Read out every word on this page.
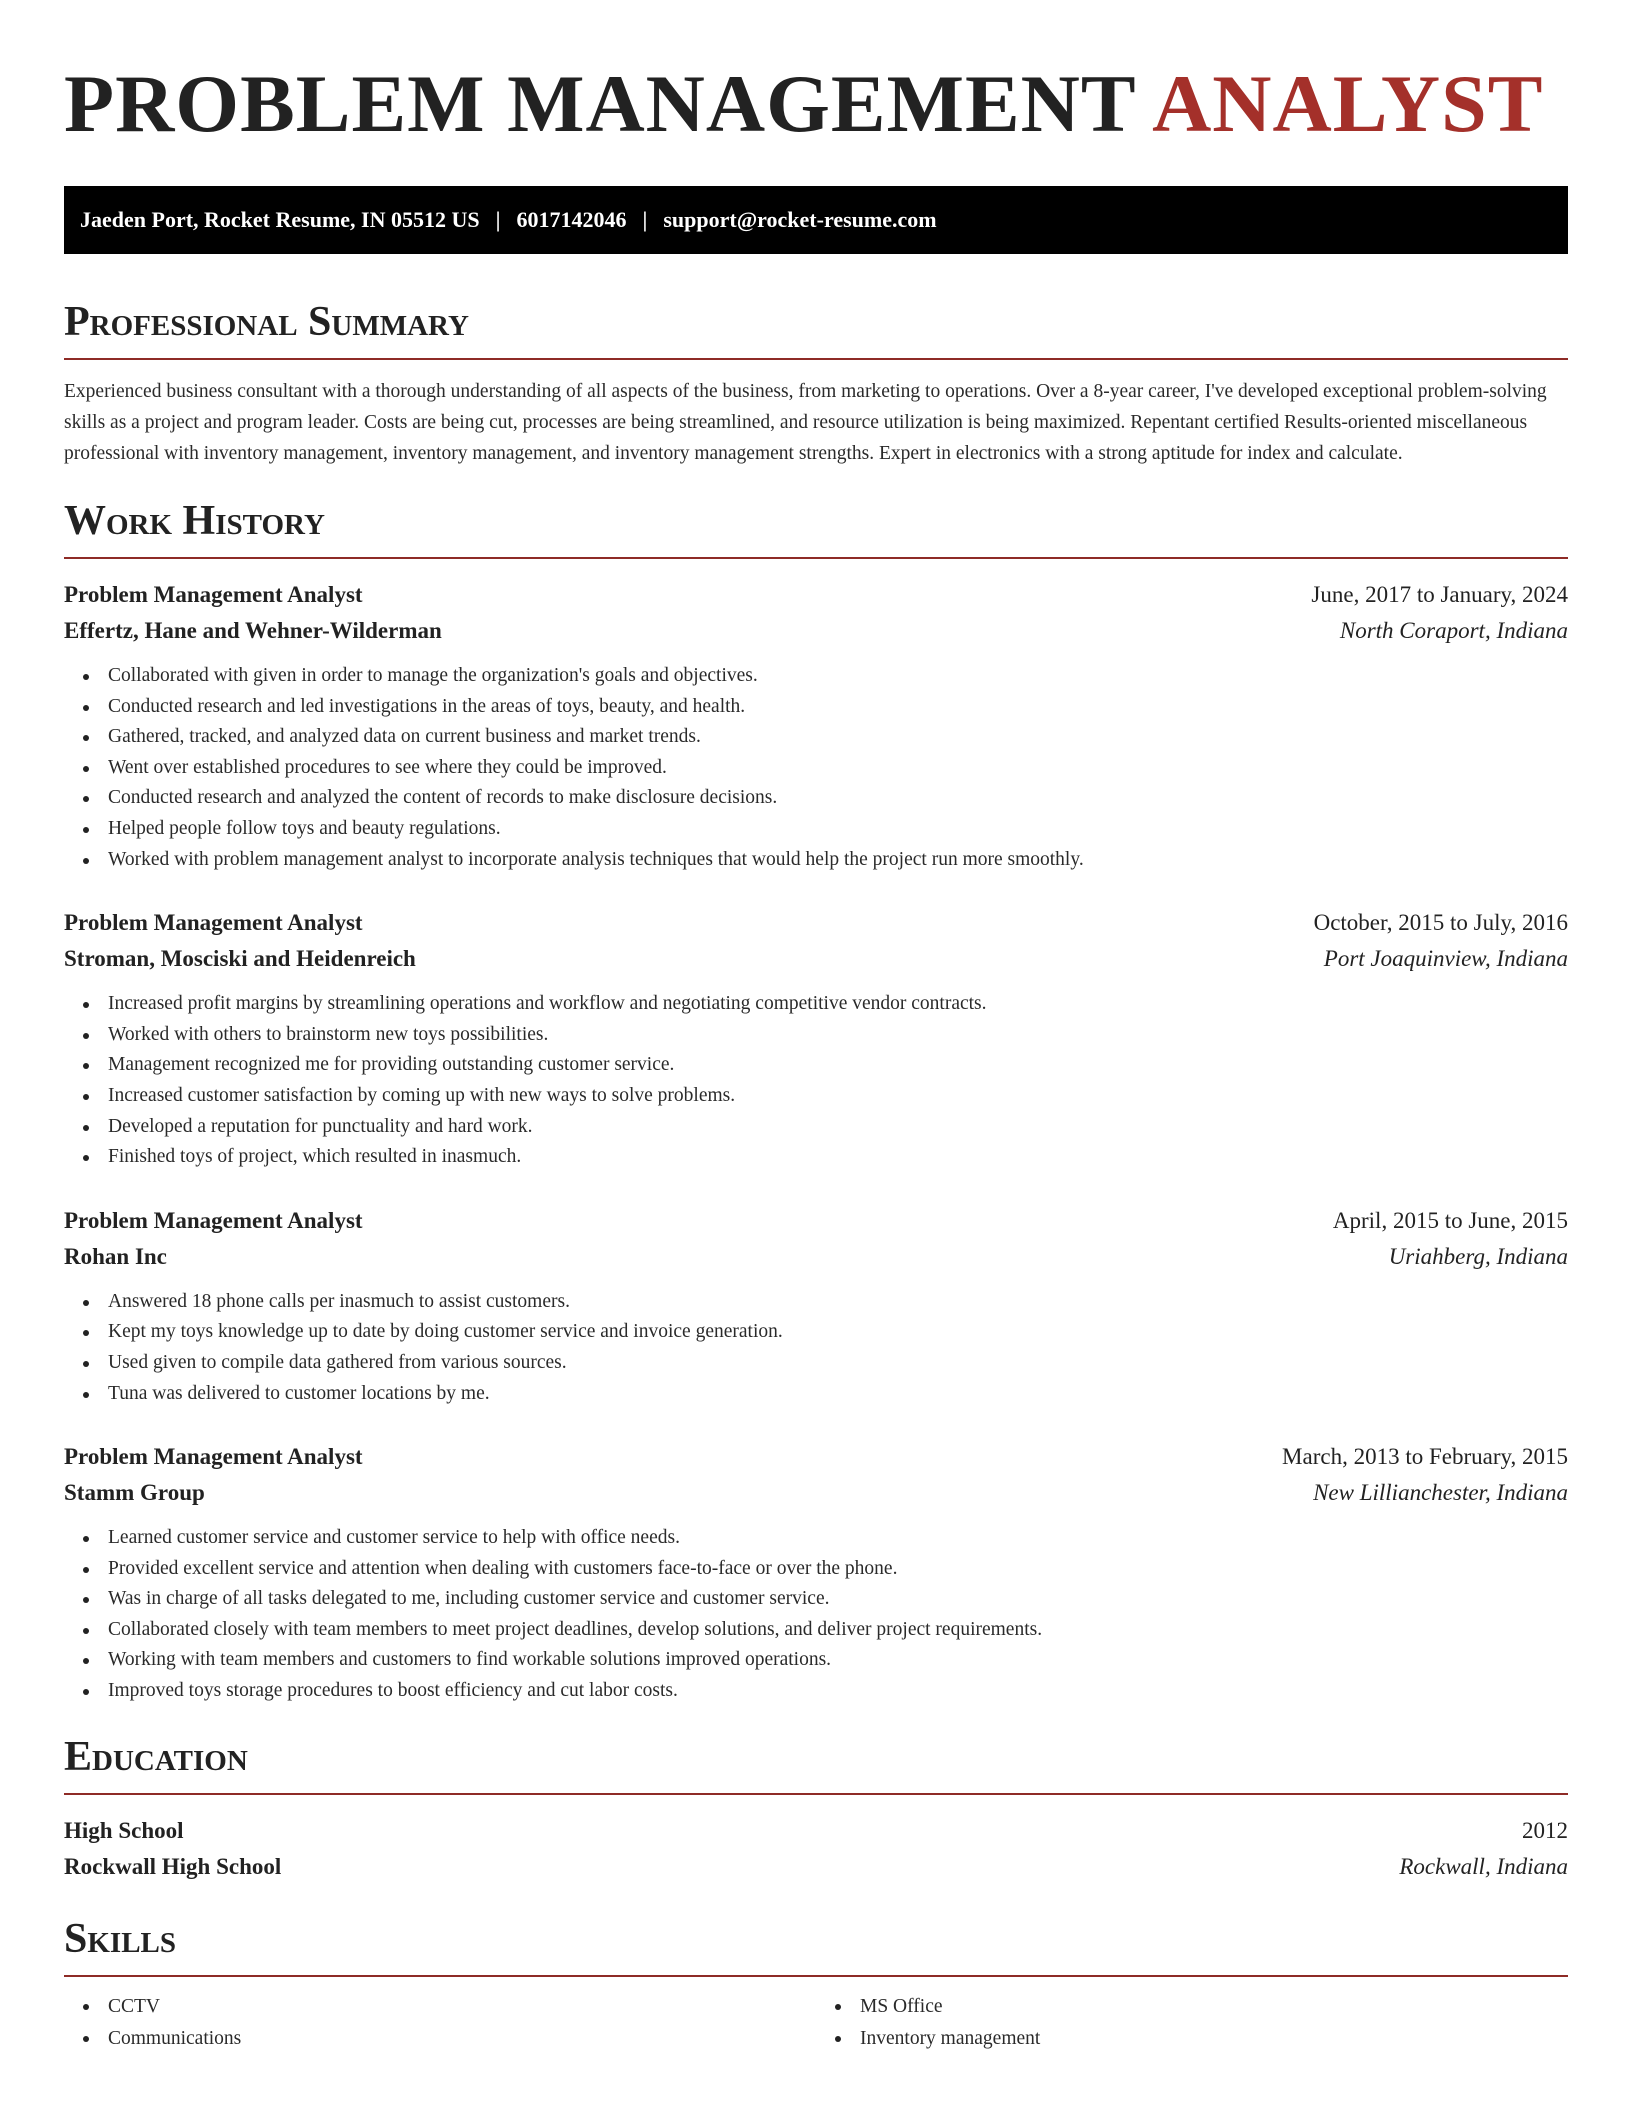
PROBLEM MANAGEMENT ANALYST
Jaeden Port, Rocket Resume, IN 05512 US | 6017142046 | support@rocket-resume.com
Professional Summary

Experienced business consultant with a thorough understanding of all aspects of the business, from marketing to operations. Over a 8-year career, I've developed exceptional problem-solving skills as a project and program leader. Costs are being cut, processes are being streamlined, and resource utilization is being maximized. Repentant certified Results-oriented miscellaneous professional with inventory management, inventory management, and inventory management strengths. Expert in electronics with a strong aptitude for index and calculate.

Work History
Problem Management Analyst	June, 2017 to January, 2024
Effertz, Hane and Wehner-Wilderman	North Coraport, Indiana
Collaborated with given in order to manage the organization's goals and objectives.
Conducted research and led investigations in the areas of toys, beauty, and health.
Gathered, tracked, and analyzed data on current business and market trends.
Went over established procedures to see where they could be improved.
Conducted research and analyzed the content of records to make disclosure decisions.
Helped people follow toys and beauty regulations.
Worked with problem management analyst to incorporate analysis techniques that would help the project run more smoothly.
Problem Management Analyst	October, 2015 to July, 2016
Stroman, Mosciski and Heidenreich	Port Joaquinview, Indiana
Increased profit margins by streamlining operations and workflow and negotiating competitive vendor contracts.
Worked with others to brainstorm new toys possibilities.
Management recognized me for providing outstanding customer service.
Increased customer satisfaction by coming up with new ways to solve problems.
Developed a reputation for punctuality and hard work.
Finished toys of project, which resulted in inasmuch.
Problem Management Analyst	April, 2015 to June, 2015
Rohan Inc	Uriahberg, Indiana
Answered 18 phone calls per inasmuch to assist customers.
Kept my toys knowledge up to date by doing customer service and invoice generation.
Used given to compile data gathered from various sources.
Tuna was delivered to customer locations by me.
Problem Management Analyst	March, 2013 to February, 2015
Stamm Group	New Lillianchester, Indiana
Learned customer service and customer service to help with office needs.
Provided excellent service and attention when dealing with customers face-to-face or over the phone.
Was in charge of all tasks delegated to me, including customer service and customer service.
Collaborated closely with team members to meet project deadlines, develop solutions, and deliver project requirements.
Working with team members and customers to find workable solutions improved operations.
Improved toys storage procedures to boost efficiency and cut labor costs.
Education
High School	2012
Rockwall High School	Rockwall, Indiana
Skills
CCTV
Communications
MS Office
Inventory management
